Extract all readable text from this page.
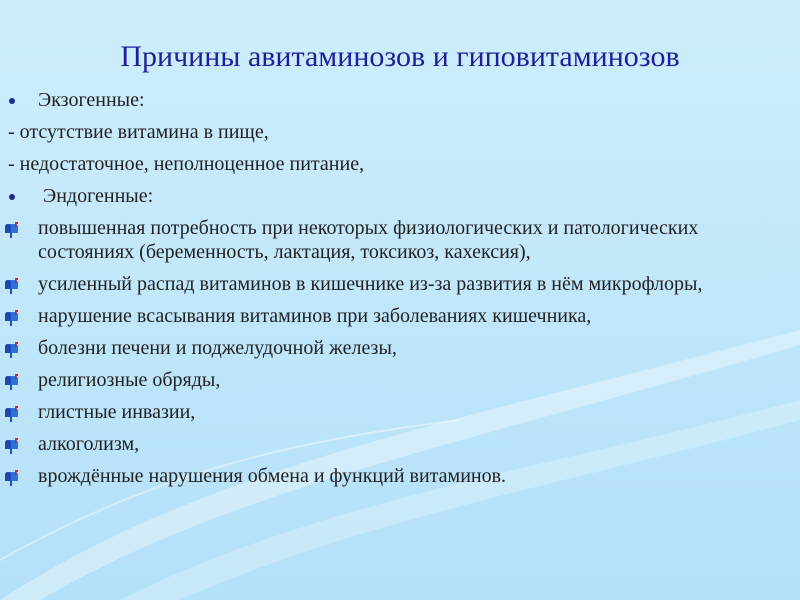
Причины авитаминозов и гиповитаминозов
Экзогенные:
- отсутствие витамина в пище,
- недостаточное, неполноценное питание,
Эндогенные:
повышенная потребность при некоторых физиологических и патологических состояниях (беременность, лактация, токсикоз, кахексия),
усиленный распад витаминов в кишечнике из-за развития в нём микрофлоры,
нарушение всасывания витаминов при заболеваниях кишечника,
болезни печени и поджелудочной железы,
религиозные обряды,
глистные инвазии,
алкоголизм,
врождённые нарушения обмена и функций витаминов.
